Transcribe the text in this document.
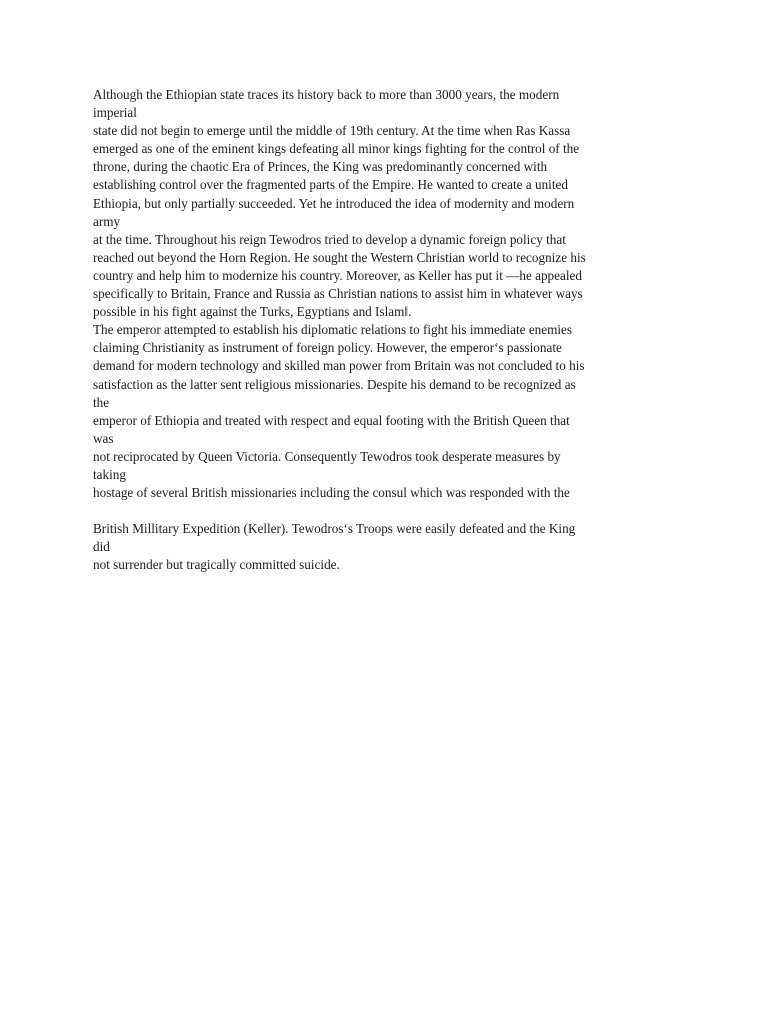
Although the Ethiopian state traces its history back to more than 3000 years, the modern
imperial
state did not begin to emerge until the middle of 19th century. At the time when Ras Kassa
emerged as one of the eminent kings defeating all minor kings fighting for the control of the
throne, during the chaotic Era of Princes, the King was predominantly concerned with
establishing control over the fragmented parts of the Empire. He wanted to create a united
Ethiopia, but only partially succeeded. Yet he introduced the idea of modernity and modern
army
at the time. Throughout his reign Tewodros tried to develop a dynamic foreign policy that
reached out beyond the Horn Region. He sought the Western Christian world to recognize his
country and help him to modernize his country. Moreover, as Keller has put it ―he appealed
specifically to Britain, France and Russia as Christian nations to assist him in whatever ways
possible in his fight against the Turks, Egyptians and Islam‖.
The emperor attempted to establish his diplomatic relations to fight his immediate enemies
claiming Christianity as instrument of foreign policy. However, the emperor‘s passionate
demand for modern technology and skilled man power from Britain was not concluded to his
satisfaction as the latter sent religious missionaries. Despite his demand to be recognized as
the
emperor of Ethiopia and treated with respect and equal footing with the British Queen that
was
not reciprocated by Queen Victoria. Consequently Tewodros took desperate measures by
taking
hostage of several British missionaries including the consul which was responded with the
British Millitary Expedition (Keller). Tewodros‘s Troops were easily defeated and the King
did
not surrender but tragically committed suicide.
